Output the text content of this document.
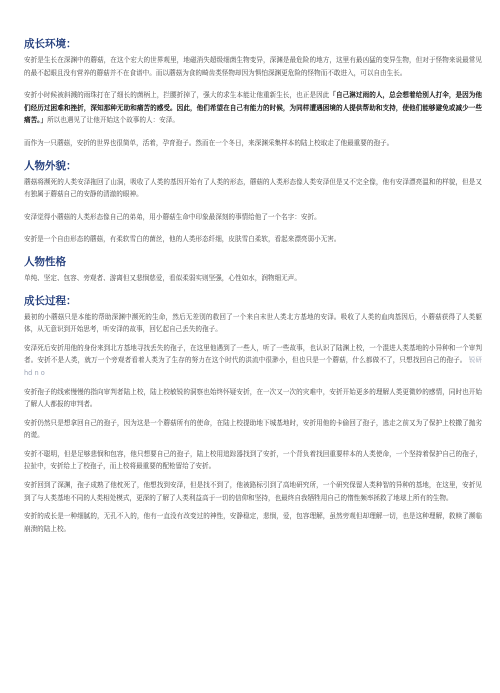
成长环境：

安折是生长在深渊中的蘑菇，在这个宏大的世界观里，地磁消失超级细菌生物变异，深渊是最危险的地方，这里有最凶猛的变异生物，但对于怪物来说最常见的最不起眼且没有营养的蘑菇并不在食谱中。而以蘑菇为食的畸齿类怪物却因为惧怕深渊更危险的怪物而不敢进入，可以自由生长。

安折小时候被斜溅的雨珠打在了细长的菌柄上，拦腰折掉了，强大的求生本能让他重新生长，也正是因此「自己淋过雨的人，总会想着给别人打伞，是因为他们经历过困难和挫折，深知那种无助和痛苦的感受。因此，他们希望在自己有能力的时候，为同样遭遇困境的人提供帮助和支持，使他们能够避免或减少一些痛苦。」所以也遇见了让他开始这个故事的人：安泽。

而作为一只蘑菇，安折的世界也很简单，活着，孕育孢子。然而在一个冬日，来深渊采集样本的陆上校取走了他最重要的孢子。

人物外貌：

蘑菇将濒死的人类安泽拖回了山洞，吸收了人类的基因开始有了人类的形态，蘑菇的人类形态像人类安泽但是又不完全像，他有安泽漂亮温和的样貌，但是又有独属于蘑菇自己的安静的清澈的眼神。

安泽觉得小蘑菇的人类形态像自己的弟弟，用小蘑菇生命中印象最深刻的事情给他了一个名字：安折。

安折是一个自由形态的蘑菇，有柔软雪白的菌丝，他的人类形态纤细，皮肤雪白柔软，看起来漂亮弱小无害。

人物性格

单纯、坚定、包容、旁观者、游离但又悲悯慈爱，看似柔弱实则坚强，心性如水，润物细无声。

成长过程：

最初的小蘑菇只是本能的帮助深渊中濒死的生命，然后无差别的救回了一个来自末世人类北方基地的安泽。吸收了人类的血肉基因后，小蘑菇获得了人类躯体，从无意识到开始思考，听安泽的故事，回忆起自己丢失的孢子。

安泽死后安折用他的身份来到北方基地寻找丢失的孢子，在这里他遇到了一些人，听了一些故事，也认识了陆渊上校，一个混进人类基地的小异种和一个审判者。安折不是人类，就万一个旁观者看着人类为了生存的努力在这个时代的洪流中很渺小，但也只是一个蘑菇，什么都做不了，只想找回自己的孢子。 锐研 hd n o

安折孢子的线索慢慢的指向审判者陆上校，陆上校敏锐的洞察也始终怀疑安折，在一次又一次的灾难中，安折开始更多的理解人类更微妙的感情，同时也开始了解人人都报的审判者。

安折仍然只是想拿回自己的孢子，因为这是一个蘑菇所有的使命，在陆上校提助地下城基地时，安折用他的卡偷回了孢子，逃走之前又为了保护上校撒了抛劣的谎。

安折不聪明，但是足够悲悯和包容，他只想要自己的孢子，陆上校用追踪器找到了安折，一个背负着找回重要样本的人类使命，一个坚持着保护自己的孢子，拉扯中，安折给上了校孢子，而上校将最重要的配枪留给了安折。

安折回到了深渊，孢子成熟了他枕死了，他想找到安泽，但是找不到了，他被路标引到了高地研究所，一个研究保留人类种智的异种的基地，在这里，安折见到了与人类基地不同的人类相处模式，更深的了解了人类利益高于一切的信仰和坚持，也最终自我牺牲用自己的惰性频率拯救了地球上所有的生物。

安折的成长是一种细腻的，无孔不入的，他有一直没有改变过的神性，安静稳定，悲悯，爱，包容理解，虽然旁观但却理解一切，也是这种理解，救赎了濒临崩溃的陆上校。
